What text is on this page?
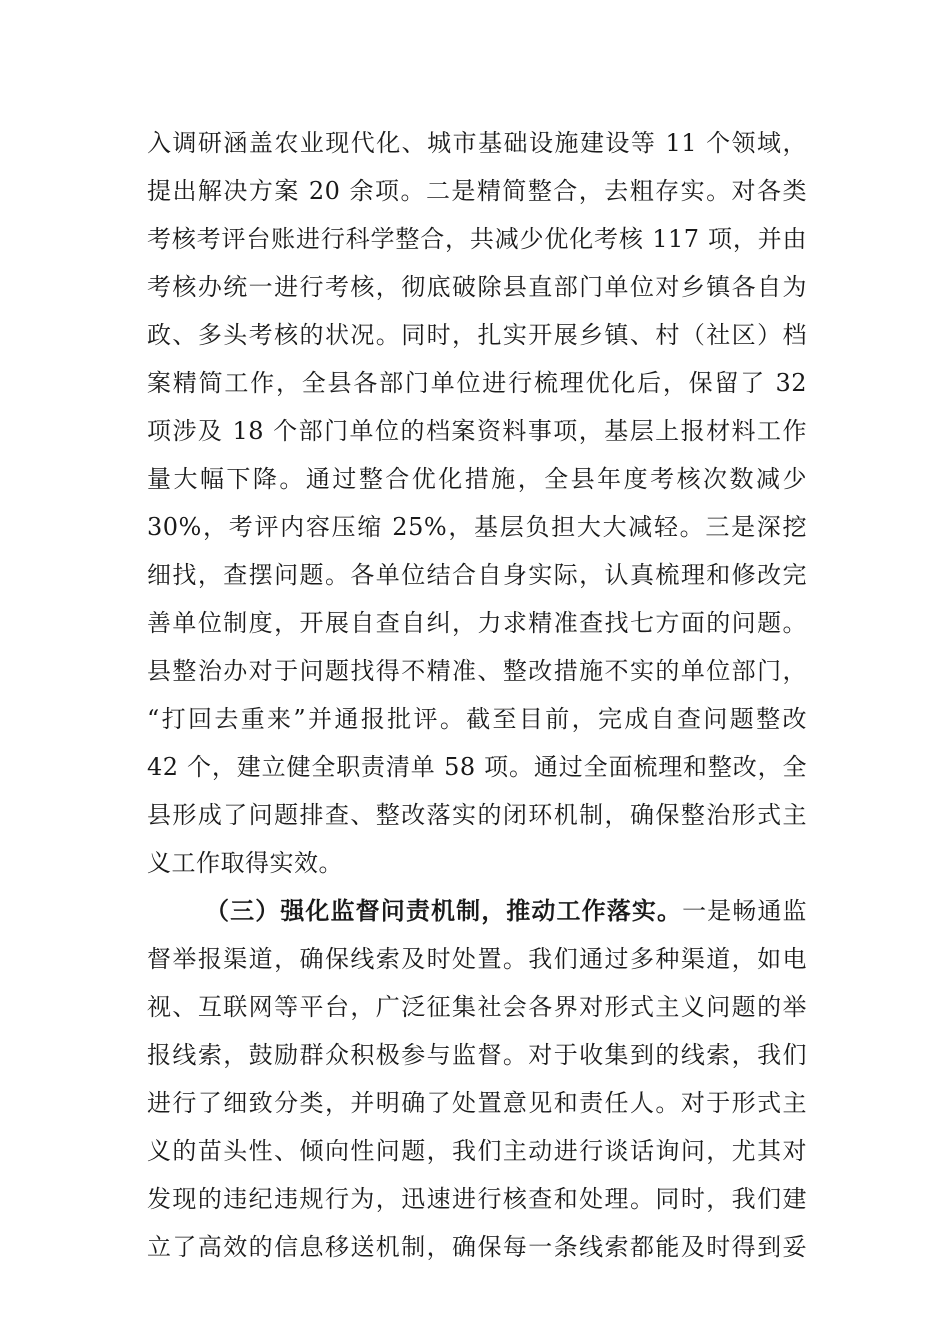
入调研涵盖农业现代化、城市基础设施建设等 11 个领域，
提出解决方案 20 余项。二是精简整合，去粗存实。对各类
考核考评台账进行科学整合，共减少优化考核 117 项，并由
考核办统一进行考核，彻底破除县直部门单位对乡镇各自为
政、多头考核的状况。同时，扎实开展乡镇、村（社区）档
案精简工作，全县各部门单位进行梳理优化后，保留了 32
项涉及 18 个部门单位的档案资料事项，基层上报材料工作
量大幅下降。通过整合优化措施，全县年度考核次数减少
30%，考评内容压缩 25%，基层负担大大减轻。三是深挖
细找，查摆问题。各单位结合自身实际，认真梳理和修改完
善单位制度，开展自查自纠，力求精准查找七方面的问题。
县整治办对于问题找得不精准、整改措施不实的单位部门，
“打回去重来”并通报批评。截至目前，完成自查问题整改
42 个，建立健全职责清单 58 项。通过全面梳理和整改，全
县形成了问题排查、整改落实的闭环机制，确保整治形式主
义工作取得实效。
（三）强化监督问责机制，推动工作落实。一是畅通监
督举报渠道，确保线索及时处置。我们通过多种渠道，如电
视、互联网等平台，广泛征集社会各界对形式主义问题的举
报线索，鼓励群众积极参与监督。对于收集到的线索，我们
进行了细致分类，并明确了处置意见和责任人。对于形式主
义的苗头性、倾向性问题，我们主动进行谈话询问，尤其对
发现的违纪违规行为，迅速进行核查和处理。同时，我们建
立了高效的信息移送机制，确保每一条线索都能及时得到妥
